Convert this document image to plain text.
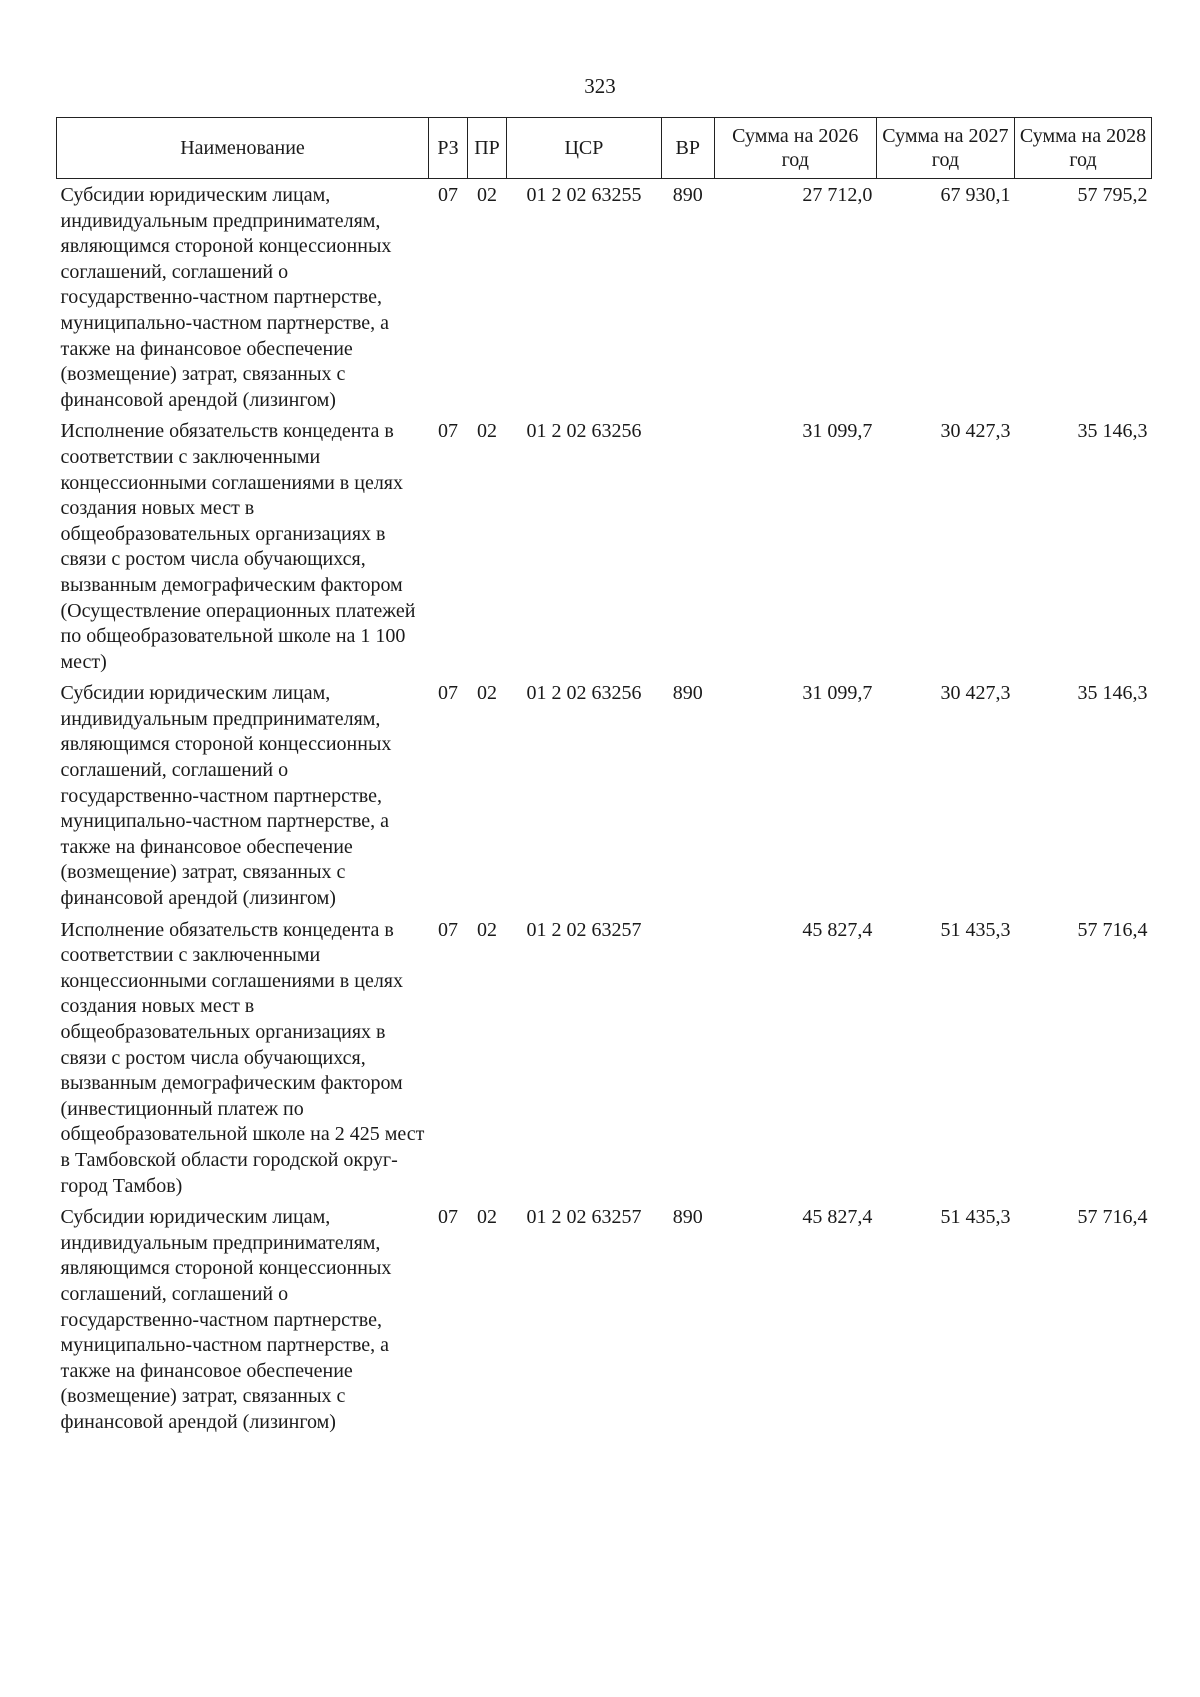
323
Наименование	РЗ	ПР	ЦСР	ВР	Сумма на 2026 год	Сумма на 2027 год	Сумма на 2028 год
Субсидии юридическим лицам, индивидуальным предпринимателям, являющимся стороной концессионных соглашений, соглашений о государственно-частном партнерстве, муниципально-частном партнерстве, а также на финансовое обеспечение (возмещение) затрат, связанных с финансовой арендой (лизингом)	07	02	01 2 02 63255	890	27 712,0	67 930,1	57 795,2
Исполнение обязательств концедента в соответствии с заключенными концессионными соглашениями в целях создания новых мест в общеобразовательных организациях в связи с ростом числа обучающихся, вызванным демографическим фактором (Осуществление операционных платежей по общеобразовательной школе на 1 100 мест)	07	02	01 2 02 63256		31 099,7	30 427,3	35 146,3
Субсидии юридическим лицам, индивидуальным предпринимателям, являющимся стороной концессионных соглашений, соглашений о государственно-частном партнерстве, муниципально-частном партнерстве, а также на финансовое обеспечение (возмещение) затрат, связанных с финансовой арендой (лизингом)	07	02	01 2 02 63256	890	31 099,7	30 427,3	35 146,3
Исполнение обязательств концедента в соответствии с заключенными концессионными соглашениями в целях создания новых мест в общеобразовательных организациях в связи с ростом числа обучающихся, вызванным демографическим фактором (инвестиционный платеж по общеобразовательной школе на 2 425 мест в Тамбовской области городской округ-город Тамбов)	07	02	01 2 02 63257		45 827,4	51 435,3	57 716,4
Субсидии юридическим лицам, индивидуальным предпринимателям, являющимся стороной концессионных соглашений, соглашений о государственно-частном партнерстве, муниципально-частном партнерстве, а также на финансовое обеспечение (возмещение) затрат, связанных с финансовой арендой (лизингом)	07	02	01 2 02 63257	890	45 827,4	51 435,3	57 716,4
